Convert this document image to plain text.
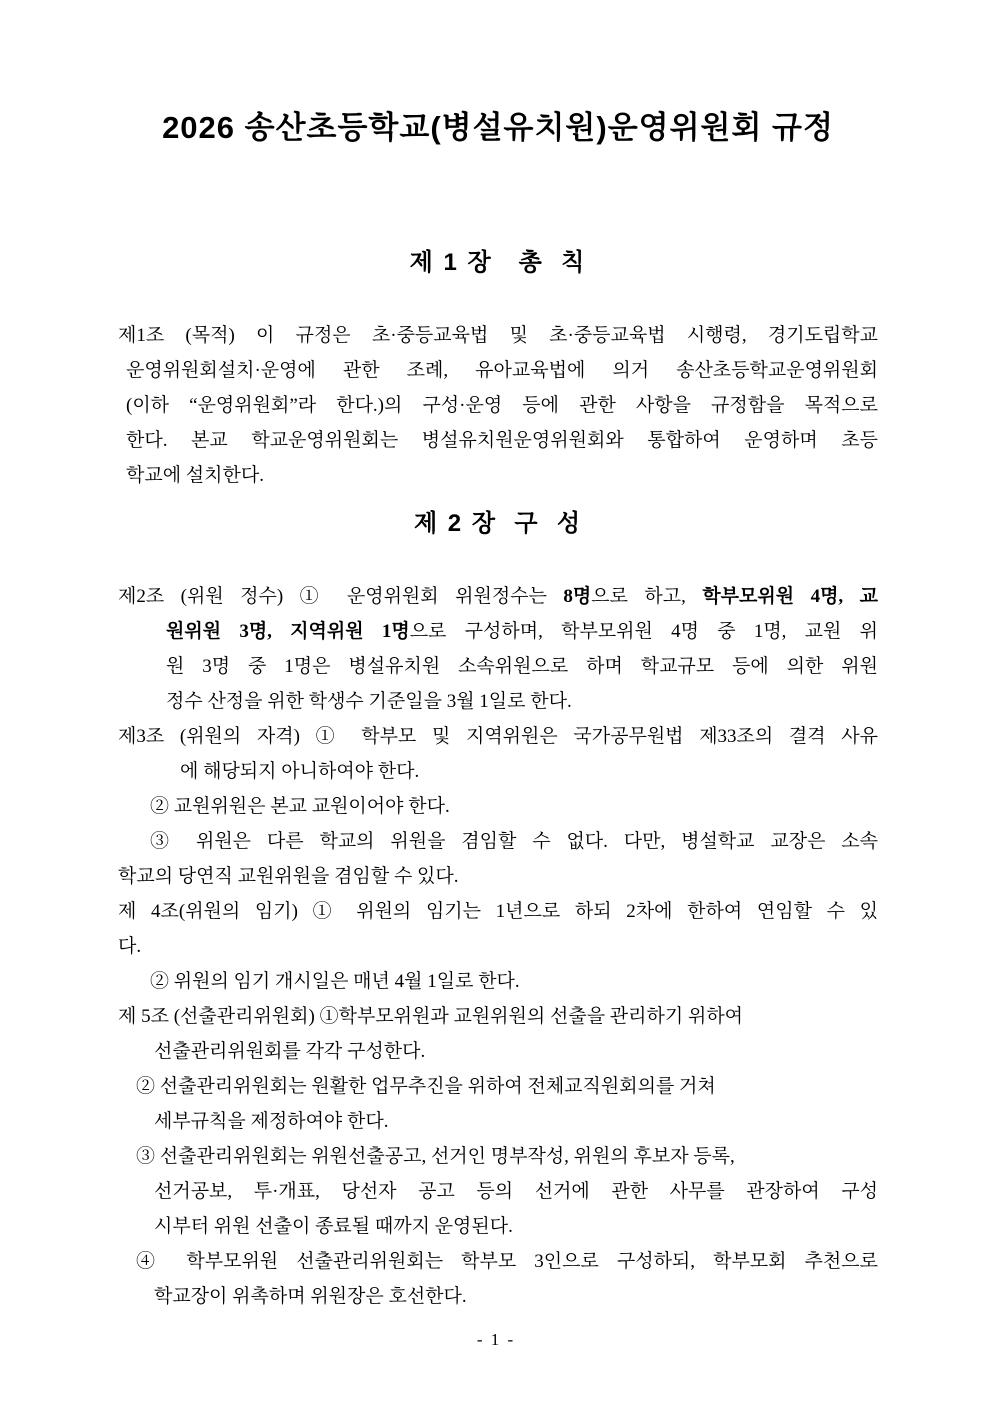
2026 송산초등학교(병설유치원)운영위원회 규정
제 1 장   총  칙
제1조 (목적) 이 규정은 초·중등교육법 및 초·중등교육법 시행령, 경기도립학교
운영위원회설치·운영에 관한 조례, 유아교육법에 의거 송산초등학교운영위원회
(이하 “운영위원회”라 한다.)의 구성·운영 등에 관한 사항을 규정함을 목적으로
한다. 본교 학교운영위원회는 병설유치원운영위원회와 통합하여 운영하며 초등
학교에 설치한다.
제 2 장  구  성
제2조 (위원 정수) ① 운영위원회 위원정수는 8명으로 하고, 학부모위원 4명, 교
원위원 3명, 지역위원 1명으로 구성하며, 학부모위원 4명 중 1명, 교원 위
원 3명 중 1명은 병설유치원 소속위원으로 하며 학교규모 등에 의한 위원
정수 산정을 위한 학생수 기준일을 3월 1일로 한다.
제3조 (위원의 자격) ① 학부모 및 지역위원은 국가공무원법 제33조의 결격 사유
에 해당되지 아니하여야 한다.
② 교원위원은 본교 교원이어야 한다.
③ 위원은 다른 학교의 위원을 겸임할 수 없다. 다만, 병설학교 교장은 소속
학교의 당연직 교원위원을 겸임할 수 있다.
제 4조(위원의 임기) ① 위원의 임기는 1년으로 하되 2차에 한하여 연임할 수 있
다.
② 위원의 임기 개시일은 매년 4월 1일로 한다.
제 5조 (선출관리위원회) ①학부모위원과 교원위원의 선출을 관리하기 위하여
선출관리위원회를 각각 구성한다.
② 선출관리위원회는 원활한 업무추진을 위하여 전체교직원회의를 거쳐
세부규칙을 제정하여야 한다.
③ 선출관리위원회는 위원선출공고, 선거인 명부작성, 위원의 후보자 등록,
선거공보, 투·개표, 당선자 공고 등의 선거에 관한 사무를 관장하여 구성
시부터 위원 선출이 종료될 때까지 운영된다.
④ 학부모위원 선출관리위원회는 학부모 3인으로 구성하되, 학부모회 추천으로
학교장이 위촉하며 위원장은 호선한다.
- 1 -
